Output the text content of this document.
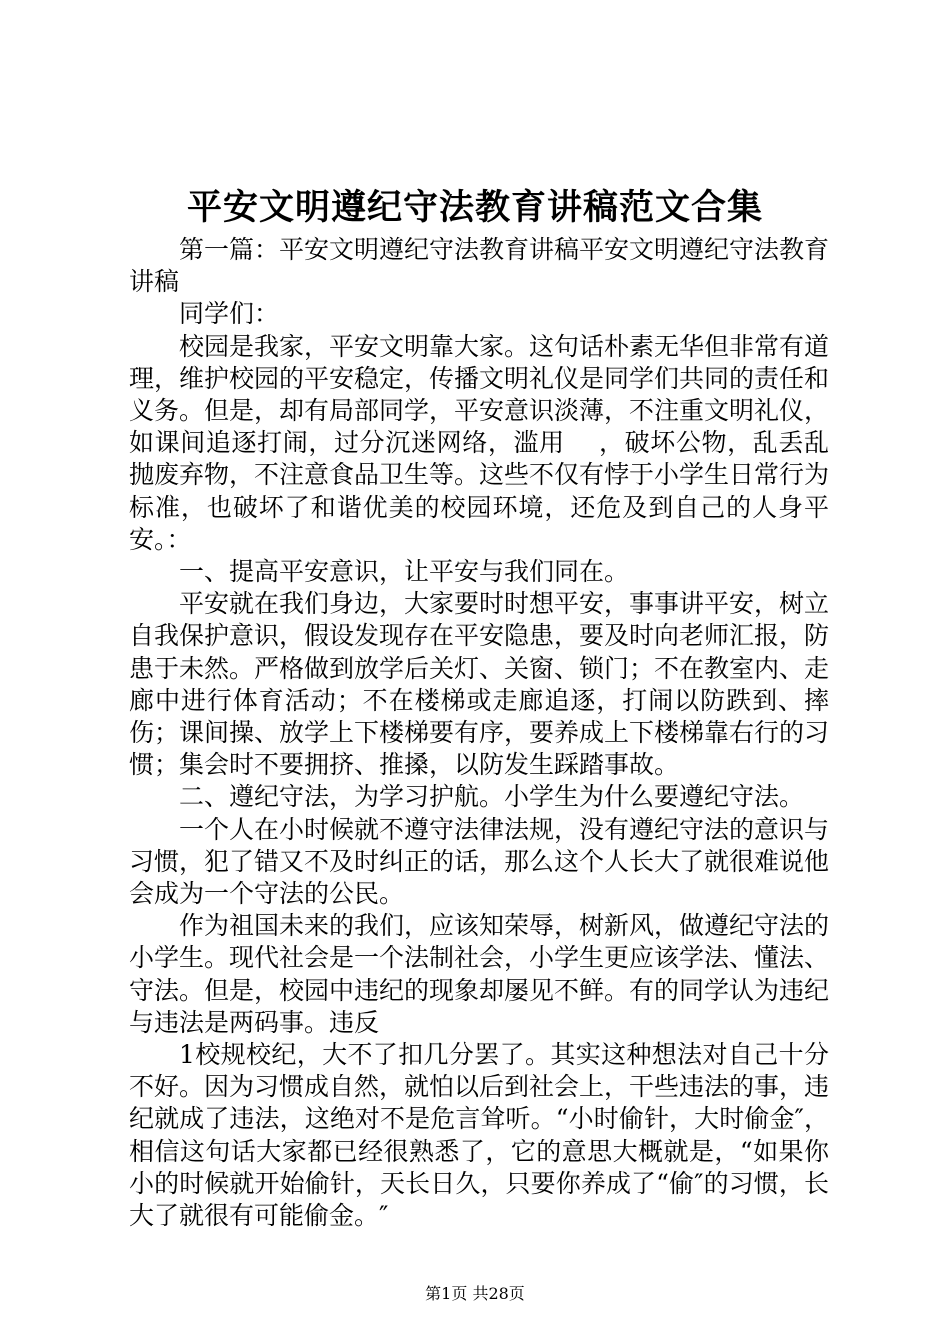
平安文明遵纪守法教育讲稿范文合集

第一篇：平安文明遵纪守法教育讲稿平安文明遵纪守法教育讲稿

同学们：

校园是我家，平安文明靠大家。这句话朴素无华但非常有道理，维护校园的平安稳定，传播文明礼仪是同学们共同的责任和义务。但是，却有局部同学，平安意识淡薄，不注重文明礼仪，如课间追逐打闹，过分沉迷网络，滥用　 ，破坏公物，乱丢乱抛废弃物，不注意食品卫生等。这些不仅有悖于小学生日常行为标准，也破坏了和谐优美的校园环境，还危及到自己的人身平安。：

一、提高平安意识，让平安与我们同在。

平安就在我们身边，大家要时时想平安，事事讲平安，树立自我保护意识，假设发现存在平安隐患，要及时向老师汇报，防患于未然。严格做到放学后关灯、关窗、锁门；不在教室内、走廊中进行体育活动；不在楼梯或走廊追逐，打闹以防跌到、摔伤；课间操、放学上下楼梯要有序，要养成上下楼梯靠右行的习惯；集会时不要拥挤、推搡，以防发生踩踏事故。

二、遵纪守法，为学习护航。小学生为什么要遵纪守法。

一个人在小时候就不遵守法律法规，没有遵纪守法的意识与习惯，犯了错又不及时纠正的话，那么这个人长大了就很难说他会成为一个守法的公民。

作为祖国未来的我们，应该知荣辱，树新风，做遵纪守法的小学生。现代社会是一个法制社会，小学生更应该学法、懂法、守法。但是，校园中违纪的现象却屡见不鲜。有的同学认为违纪与违法是两码事。违反

1校规校纪，大不了扣几分罢了。其实这种想法对自己十分不好。因为习惯成自然，就怕以后到社会上，干些违法的事，违纪就成了违法，这绝对不是危言耸听。“小时偷针，大时偷金″，相信这句话大家都已经很熟悉了，它的意思大概就是，“如果你小的时候就开始偷针，天长日久，只要你养成了“偷″的习惯，长大了就很有可能偷金。″

第1页 共28页
